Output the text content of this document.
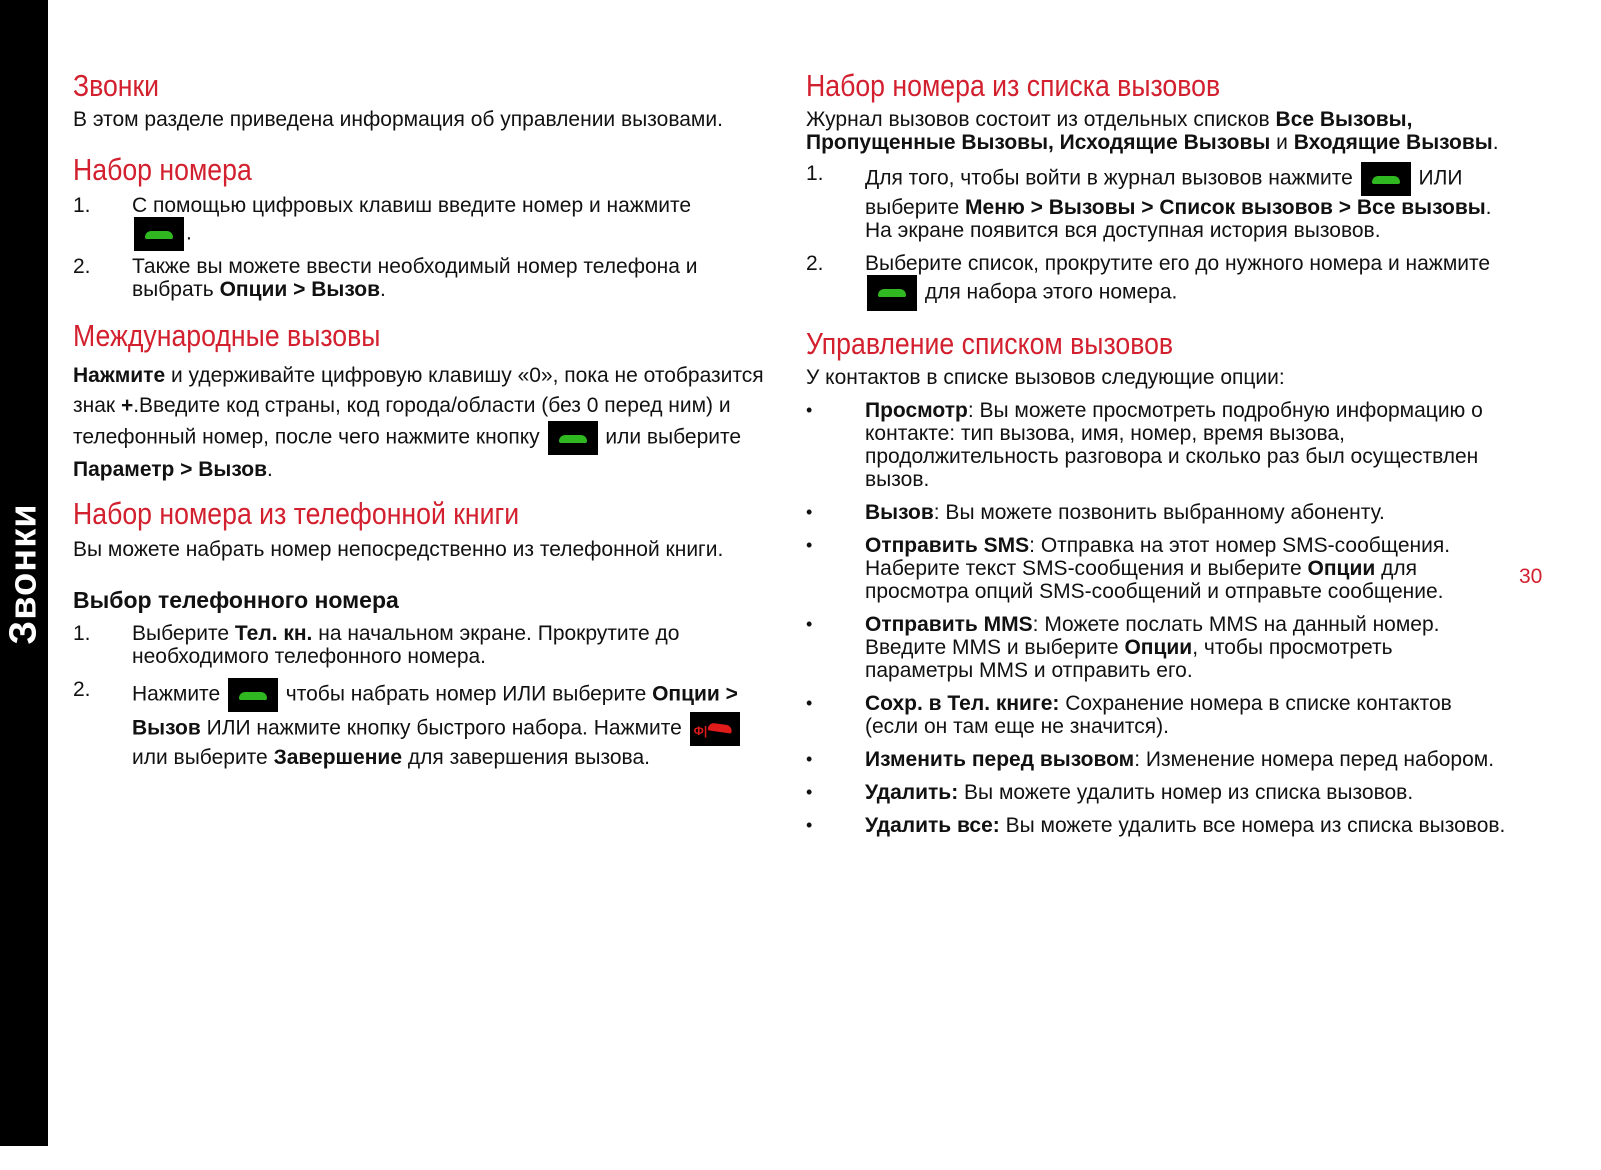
Звонки	30
Звонки

В этом разделе приведена информация об управлении вызовами.

Набор номера
1. С помощью цифровых клавиш введите номер и нажмите
.
2. Также вы можете ввести необходимый номер телефона и выбрать Опции > Вызов.
Международные вызовы

Нажмите и удерживайте цифровую клавишу «0», пока не отобразится знак +.Введите код страны, код города/области (без 0 перед ним) и телефонный номер, после чего нажмите кнопку	или выберите Параметр > Вызов.

Набор номера из телефонной книги

Вы можете набрать номер непосредственно из телефонной книги.

Выбор телефонного номера
1. Выберите Тел. кн. на начальном экране. Прокрутите до необходимого телефонного номера.
2. Нажмите	чтобы набрать номер ИЛИ выберите Опции > Вызов ИЛИ нажмите кнопку быстрого набора. Нажмите Ф| или выберите Завершение для завершения вызова.
Набор номера из списка вызовов

Журнал вызовов состоит из отдельных списков Все Вызовы, Пропущенные Вызовы, Исходящие Вызовы и Входящие Вызовы.

1. Для того, чтобы войти в журнал вызовов нажмите	ИЛИ выберите Меню > Вызовы > Список вызовов > Все вызовы. На экране появится вся доступная история вызовов.
2. Выберите список, прокрутите его до нужного номера и нажмите  для набора этого номера.
Управление списком вызовов

У контактов в списке вызовов следующие опции:

•	Просмотр: Вы можете просмотреть подробную информацию о контакте: тип вызова, имя, номер, время вызова, продолжительность разговора и сколько раз был осуществлен вызов.
•	Вызов: Вы можете позвонить выбранному абоненту.
•	Отправить SMS: Отправка на этот номер SMS-сообщения. Наберите текст SMS-сообщения и выберите Опции для просмотра опций SMS-сообщений и отправьте сообщение.
•	Отправить MMS: Можете послать MMS на данный номер. Введите MMS и выберите Опции, чтобы просмотреть параметры MMS и отправить его.
•	Сохр. в Тел. книге: Сохранение номера в списке контактов (если он там еще не значится).
•	Изменить перед вызовом: Изменение номера перед набором.
•	Удалить: Вы можете удалить номер из списка вызовов.
•	Удалить все: Вы можете удалить все номера из списка вызовов.
